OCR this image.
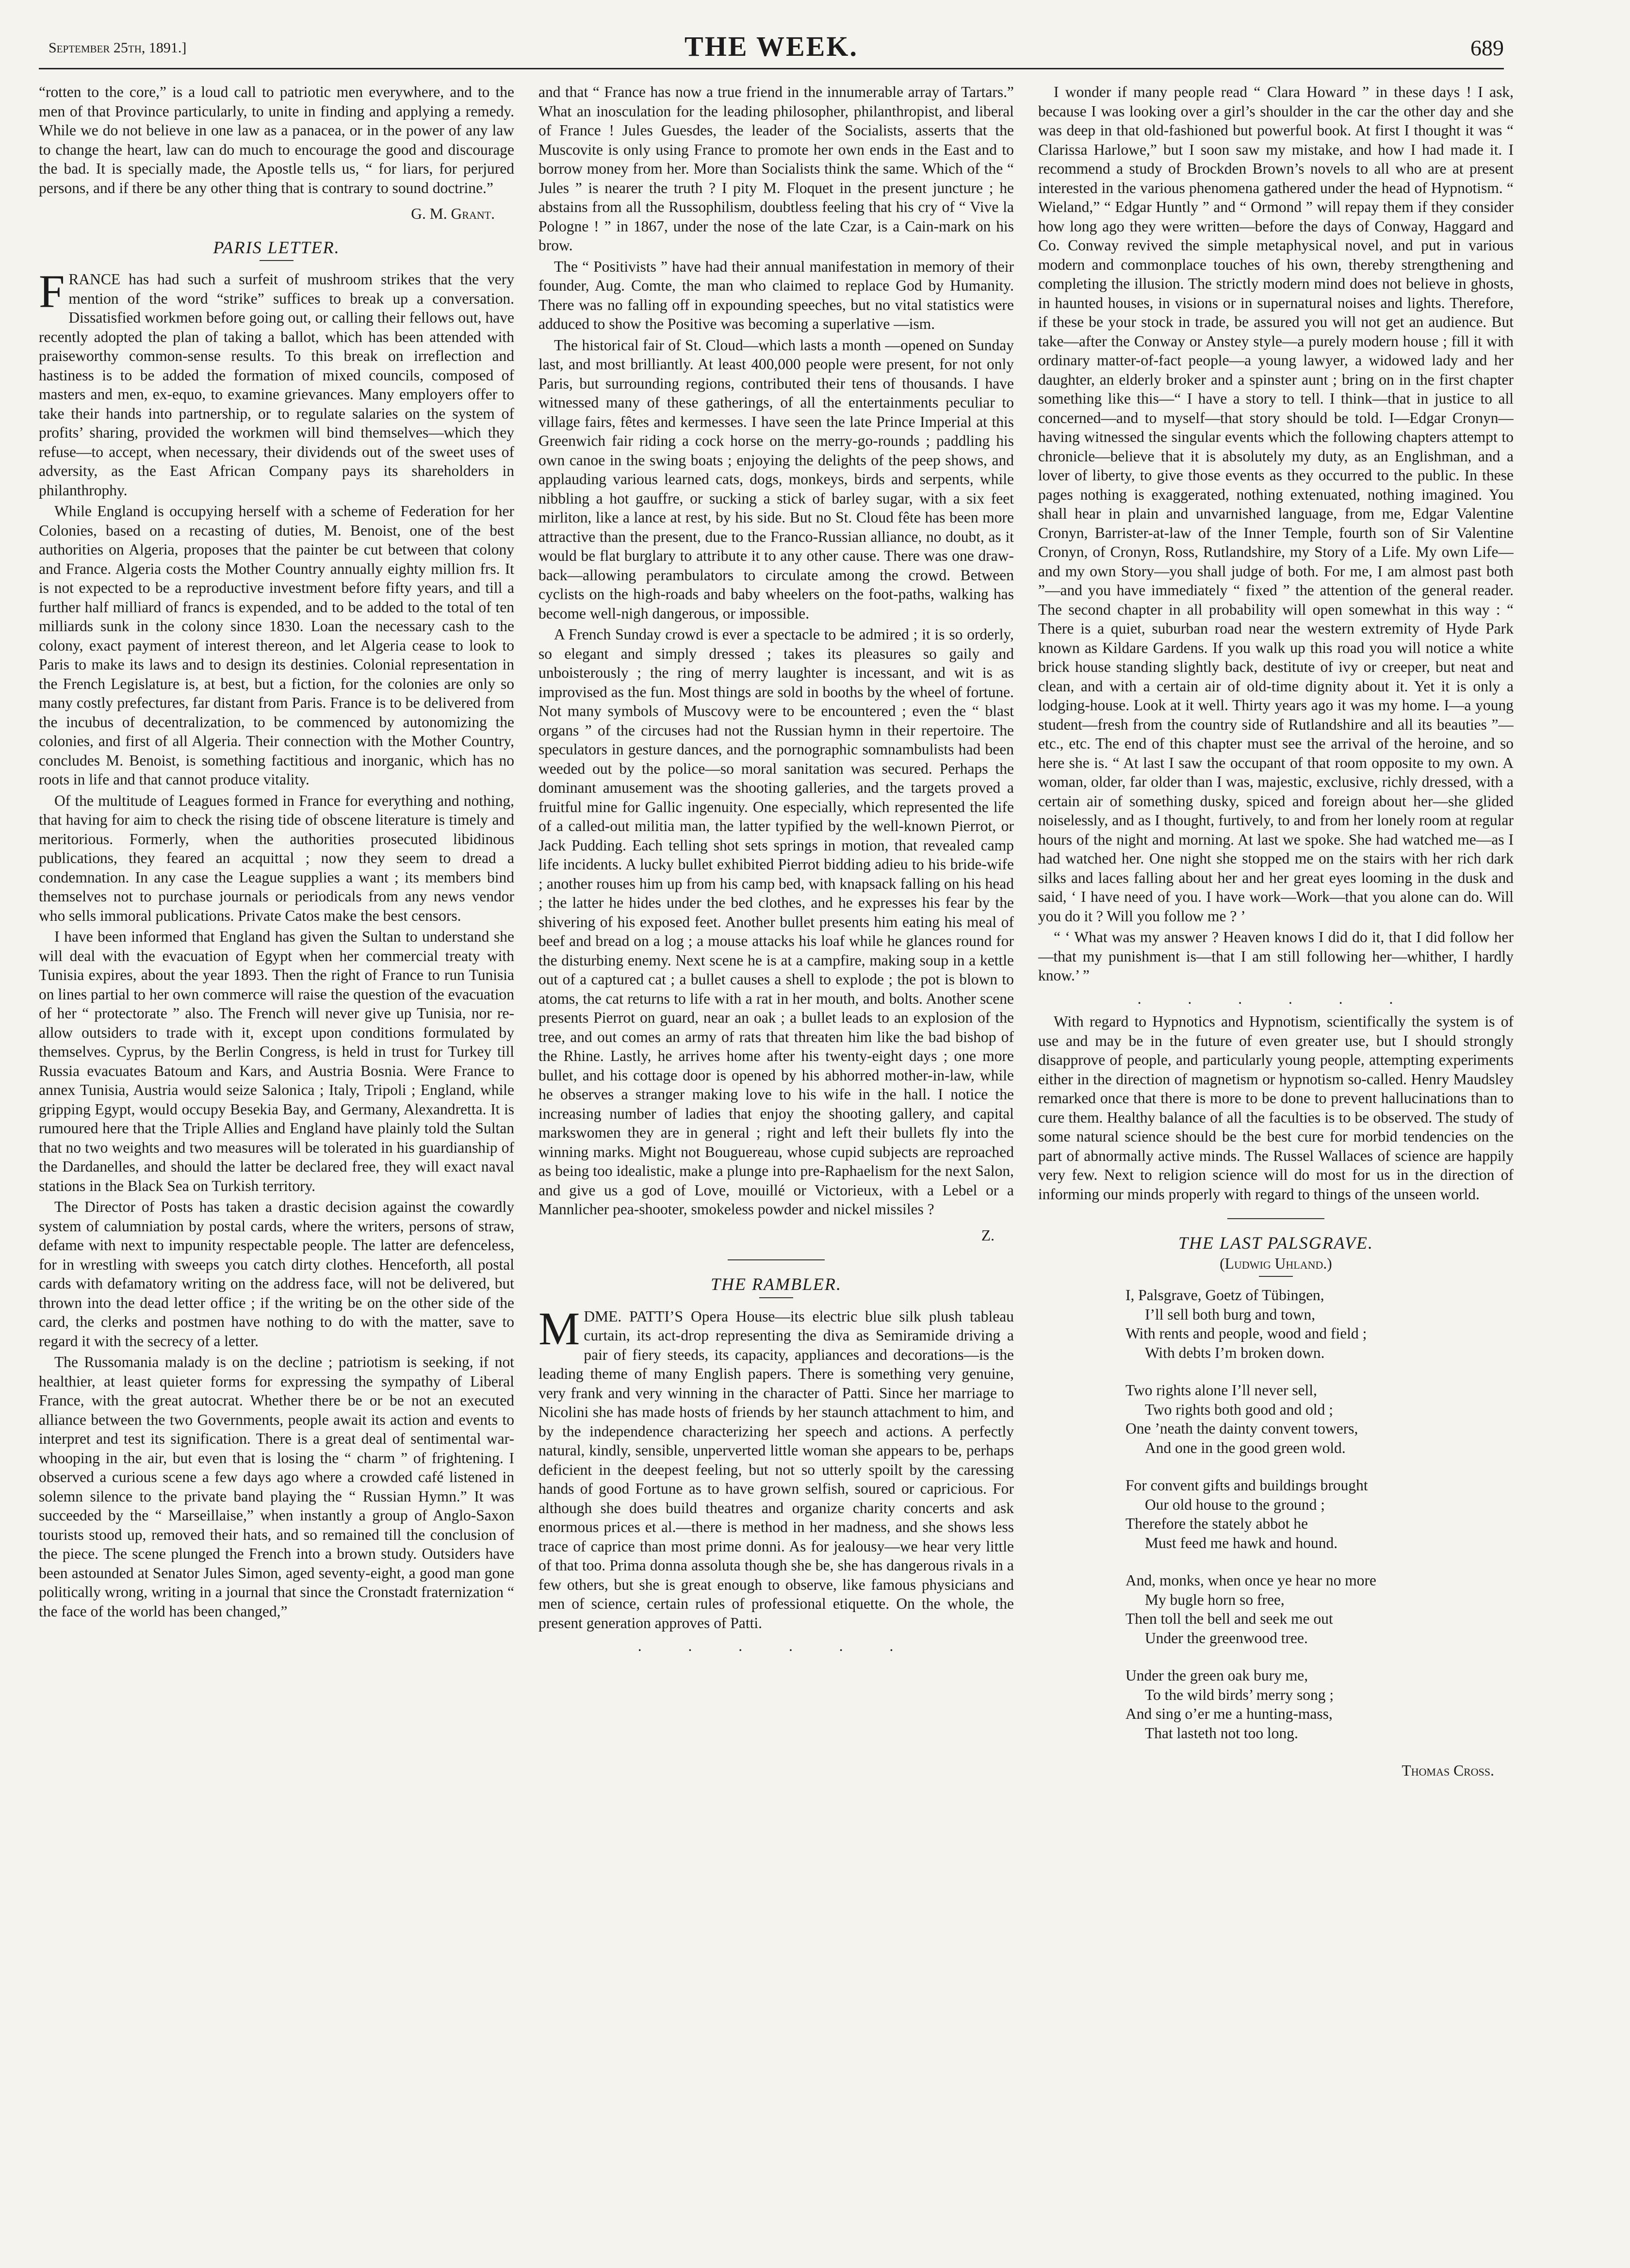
September 25th, 1891.]	THE WEEK.	689

“rotten to the core,” is a loud call to patriotic men everywhere, and to the men of that Province particularly, to unite in finding and applying a remedy. While we do not believe in one law as a panacea, or in the power of any law to change the heart, law can do much to encourage the good and discourage the bad. It is specially made, the Apostle tells us, “ for liars, for perjured persons, and if there be any other thing that is contrary to sound doctrine.”

G. M. Grant.
PARIS LETTER.

FRANCE has had such a surfeit of mushroom strikes that the very mention of the word “strike” suffices to break up a conversation. Dissatisfied workmen before going out, or calling their fellows out, have recently adopted the plan of taking a ballot, which has been attended with praiseworthy common-sense results. To this break on irreflection and hastiness is to be added the formation of mixed councils, composed of masters and men, ex-equo, to examine grievances. Many employers offer to take their hands into partnership, or to regulate salaries on the system of profits’ sharing, provided the workmen will bind themselves—which they refuse—to accept, when necessary, their dividends out of the sweet uses of adversity, as the East African Company pays its shareholders in philanthrophy.

While England is occupying herself with a scheme of Federation for her Colonies, based on a recasting of duties, M. Benoist, one of the best authorities on Algeria, proposes that the painter be cut between that colony and France. Algeria costs the Mother Country annually eighty million frs. It is not expected to be a reproductive investment before fifty years, and till a further half milliard of francs is expended, and to be added to the total of ten milliards sunk in the colony since 1830. Loan the necessary cash to the colony, exact payment of interest thereon, and let Algeria cease to look to Paris to make its laws and to design its destinies. Colonial representation in the French Legislature is, at best, but a fiction, for the colonies are only so many costly prefectures, far distant from Paris. France is to be delivered from the incubus of decentralization, to be commenced by autonomizing the colonies, and first of all Algeria. Their connection with the Mother Country, concludes M. Benoist, is something factitious and inorganic, which has no roots in life and that cannot produce vitality.

Of the multitude of Leagues formed in France for everything and nothing, that having for aim to check the rising tide of obscene literature is timely and meritorious. Formerly, when the authorities prosecuted libidinous publications, they feared an acquittal ; now they seem to dread a condemnation. In any case the League supplies a want ; its members bind themselves not to purchase journals or periodicals from any news vendor who sells immoral publications. Private Catos make the best censors.

I have been informed that England has given the Sultan to understand she will deal with the evacuation of Egypt when her commercial treaty with Tunisia expires, about the year 1893. Then the right of France to run Tunisia on lines partial to her own commerce will raise the question of the evacuation of her “ protectorate ” also. The French will never give up Tunisia, nor re-allow outsiders to trade with it, except upon conditions formulated by themselves. Cyprus, by the Berlin Congress, is held in trust for Turkey till Russia evacuates Batoum and Kars, and Austria Bosnia. Were France to annex Tunisia, Austria would seize Salonica ; Italy, Tripoli ; England, while gripping Egypt, would occupy Besekia Bay, and Germany, Alexandretta. It is rumoured here that the Triple Allies and England have plainly told the Sultan that no two weights and two measures will be tolerated in his guardianship of the Dardanelles, and should the latter be declared free, they will exact naval stations in the Black Sea on Turkish territory.

The Director of Posts has taken a drastic decision against the cowardly system of calumniation by postal cards, where the writers, persons of straw, defame with next to impunity respectable people. The latter are defenceless, for in wrestling with sweeps you catch dirty clothes. Henceforth, all postal cards with defamatory writing on the address face, will not be delivered, but thrown into the dead letter office ; if the writing be on the other side of the card, the clerks and postmen have nothing to do with the matter, save to regard it with the secrecy of a letter.

The Russomania malady is on the decline ; patriotism is seeking, if not healthier, at least quieter forms for expressing the sympathy of Liberal France, with the great autocrat. Whether there be or be not an executed alliance between the two Governments, people await its action and events to interpret and test its signification. There is a great deal of sentimental war-whooping in the air, but even that is losing the “ charm ” of frightening. I observed a curious scene a few days ago where a crowded café listened in solemn silence to the private band playing the “ Russian Hymn.” It was succeeded by the “ Marseillaise,” when instantly a group of Anglo-Saxon tourists stood up, removed their hats, and so remained till the conclusion of the piece. The scene plunged the French into a brown study. Outsiders have been astounded at Senator Jules Simon, aged seventy-eight, a good man gone politically wrong, writing in a journal that since the Cronstadt fraternization “ the face of the world has been changed,”

and that “ France has now a true friend in the innumerable array of Tartars.” What an inosculation for the leading philosopher, philanthropist, and liberal of France ! Jules Guesdes, the leader of the Socialists, asserts that the Muscovite is only using France to promote her own ends in the East and to borrow money from her. More than Socialists think the same. Which of the “ Jules ” is nearer the truth ? I pity M. Floquet in the present juncture ; he abstains from all the Russophilism, doubtless feeling that his cry of “ Vive la Pologne ! ” in 1867, under the nose of the late Czar, is a Cain-mark on his brow.

The “ Positivists ” have had their annual manifestation in memory of their founder, Aug. Comte, the man who claimed to replace God by Humanity. There was no falling off in expounding speeches, but no vital statistics were adduced to show the Positive was becoming a superlative —ism.

The historical fair of St. Cloud—which lasts a month —opened on Sunday last, and most brilliantly. At least 400,000 people were present, for not only Paris, but surrounding regions, contributed their tens of thousands. I have witnessed many of these gatherings, of all the entertainments peculiar to village fairs, fêtes and kermesses. I have seen the late Prince Imperial at this Greenwich fair riding a cock horse on the merry-go-rounds ; paddling his own canoe in the swing boats ; enjoying the delights of the peep shows, and applauding various learned cats, dogs, monkeys, birds and serpents, while nibbling a hot gauffre, or sucking a stick of barley sugar, with a six feet mirliton, like a lance at rest, by his side. But no St. Cloud fête has been more attractive than the present, due to the Franco-Russian alliance, no doubt, as it would be flat burglary to attribute it to any other cause. There was one draw-back—allowing perambulators to circulate among the crowd. Between cyclists on the high-roads and baby wheelers on the foot-paths, walking has become well-nigh dangerous, or impossible.

A French Sunday crowd is ever a spectacle to be admired ; it is so orderly, so elegant and simply dressed ; takes its pleasures so gaily and unboisterously ; the ring of merry laughter is incessant, and wit is as improvised as the fun. Most things are sold in booths by the wheel of fortune. Not many symbols of Muscovy were to be encountered ; even the “ blast organs ” of the circuses had not the Russian hymn in their repertoire. The speculators in gesture dances, and the pornographic somnambulists had been weeded out by the police—so moral sanitation was secured. Perhaps the dominant amusement was the shooting galleries, and the targets proved a fruitful mine for Gallic ingenuity. One especially, which represented the life of a called-out militia man, the latter typified by the well-known Pierrot, or Jack Pudding. Each telling shot sets springs in motion, that revealed camp life incidents. A lucky bullet exhibited Pierrot bidding adieu to his bride-wife ; another rouses him up from his camp bed, with knapsack falling on his head ; the latter he hides under the bed clothes, and he expresses his fear by the shivering of his exposed feet. Another bullet presents him eating his meal of beef and bread on a log ; a mouse attacks his loaf while he glances round for the disturbing enemy. Next scene he is at a campfire, making soup in a kettle out of a captured cat ; a bullet causes a shell to explode ; the pot is blown to atoms, the cat returns to life with a rat in her mouth, and bolts. Another scene presents Pierrot on guard, near an oak ; a bullet leads to an explosion of the tree, and out comes an army of rats that threaten him like the bad bishop of the Rhine. Lastly, he arrives home after his twenty-eight days ; one more bullet, and his cottage door is opened by his abhorred mother-in-law, while he observes a stranger making love to his wife in the hall. I notice the increasing number of ladies that enjoy the shooting gallery, and capital markswomen they are in general ; right and left their bullets fly into the winning marks. Might not Bouguereau, whose cupid subjects are reproached as being too idealistic, make a plunge into pre-Raphaelism for the next Salon, and give us a god of Love, mouillé or Victorieux, with a Lebel or a Mannlicher pea-shooter, smokeless powder and nickel missiles ?

Z.
THE RAMBLER.

MDME. PATTI’S Opera House—its electric blue silk plush tableau curtain, its act-drop representing the diva as Semiramide driving a pair of fiery steeds, its capacity, appliances and decorations—is the leading theme of many English papers. There is something very genuine, very frank and very winning in the character of Patti. Since her marriage to Nicolini she has made hosts of friends by her staunch attachment to him, and by the independence characterizing her speech and actions. A perfectly natural, kindly, sensible, unperverted little woman she appears to be, perhaps deficient in the deepest feeling, but not so utterly spoilt by the caressing hands of good Fortune as to have grown selfish, soured or capricious. For although she does build theatres and organize charity concerts and ask enormous prices et al.—there is method in her madness, and she shows less trace of caprice than most prime donni. As for jealousy—we hear very little of that too. Prima donna assoluta though she be, she has dangerous rivals in a few others, but she is great enough to observe, like famous physicians and men of science, certain rules of professional etiquette. On the whole, the present generation approves of Patti.

. . . . . .

I wonder if many people read “ Clara Howard ” in these days ! I ask, because I was looking over a girl’s shoulder in the car the other day and she was deep in that old-fashioned but powerful book. At first I thought it was “ Clarissa Harlowe,” but I soon saw my mistake, and how I had made it. I recommend a study of Brockden Brown’s novels to all who are at present interested in the various phenomena gathered under the head of Hypnotism. “ Wieland,” “ Edgar Huntly ” and “ Ormond ” will repay them if they consider how long ago they were written—before the days of Conway, Haggard and Co. Conway revived the simple metaphysical novel, and put in various modern and commonplace touches of his own, thereby strengthening and completing the illusion. The strictly modern mind does not believe in ghosts, in haunted houses, in visions or in supernatural noises and lights. Therefore, if these be your stock in trade, be assured you will not get an audience. But take—after the Conway or Anstey style—a purely modern house ; fill it with ordinary matter-of-fact people—a young lawyer, a widowed lady and her daughter, an elderly broker and a spinster aunt ; bring on in the first chapter something like this—“ I have a story to tell. I think—that in justice to all concerned—and to myself—that story should be told. I—Edgar Cronyn—having witnessed the singular events which the following chapters attempt to chronicle—believe that it is absolutely my duty, as an Englishman, and a lover of liberty, to give those events as they occurred to the public. In these pages nothing is exaggerated, nothing extenuated, nothing imagined. You shall hear in plain and unvarnished language, from me, Edgar Valentine Cronyn, Barrister-at-law of the Inner Temple, fourth son of Sir Valentine Cronyn, of Cronyn, Ross, Rutlandshire, my Story of a Life. My own Life—and my own Story—you shall judge of both. For me, I am almost past both ”—and you have immediately “ fixed ” the attention of the general reader. The second chapter in all probability will open somewhat in this way : “ There is a quiet, suburban road near the western extremity of Hyde Park known as Kildare Gardens. If you walk up this road you will notice a white brick house standing slightly back, destitute of ivy or creeper, but neat and clean, and with a certain air of old-time dignity about it. Yet it is only a lodging-house. Look at it well. Thirty years ago it was my home. I—a young student—fresh from the country side of Rutlandshire and all its beauties ”—etc., etc. The end of this chapter must see the arrival of the heroine, and so here she is. “ At last I saw the occupant of that room opposite to my own. A woman, older, far older than I was, majestic, exclusive, richly dressed, with a certain air of something dusky, spiced and foreign about her—she glided noiselessly, and as I thought, furtively, to and from her lonely room at regular hours of the night and morning. At last we spoke. She had watched me—as I had watched her. One night she stopped me on the stairs with her rich dark silks and laces falling about her and her great eyes looming in the dusk and said, ‘ I have need of you. I have work—Work—that you alone can do. Will you do it ? Will you follow me ? ’

“ ‘ What was my answer ? Heaven knows I did do it, that I did follow her—that my punishment is—that I am still following her—whither, I hardly know.’ ”

. . . . . .

With regard to Hypnotics and Hypnotism, scientifically the system is of use and may be in the future of even greater use, but I should strongly disapprove of people, and particularly young people, attempting experiments either in the direction of magnetism or hypnotism so-called. Henry Maudsley remarked once that there is more to be done to prevent hallucinations than to cure them. Healthy balance of all the faculties is to be observed. The study of some natural science should be the best cure for morbid tendencies on the part of abnormally active minds. The Russel Wallaces of science are happily very few. Next to religion science will do most for us in the direction of informing our minds properly with regard to things of the unseen world.

THE LAST PALSGRAVE.
(Ludwig Uhland.)
I, Palsgrave, Goetz of Tübingen,
I’ll sell both burg and town,
With rents and people, wood and field ;
With debts I’m broken down.
Two rights alone I’ll never sell,
Two rights both good and old ;
One ’neath the dainty convent towers,
And one in the good green wold.
For convent gifts and buildings brought
Our old house to the ground ;
Therefore the stately abbot he
Must feed me hawk and hound.
And, monks, when once ye hear no more
My bugle horn so free,
Then toll the bell and seek me out
Under the greenwood tree.
Under the green oak bury me,
To the wild birds’ merry song ;
And sing o’er me a hunting-mass,
That lasteth not too long.
Thomas Cross.
